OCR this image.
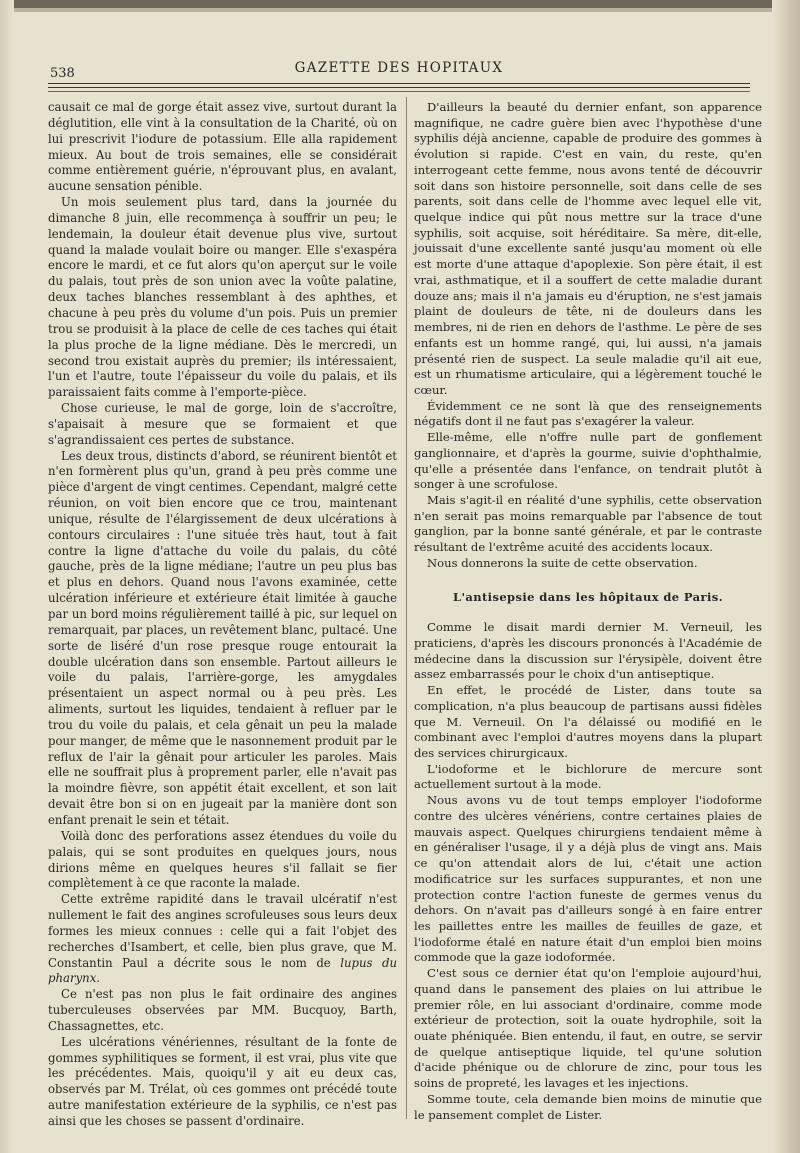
538	GAZETTE DES HOPITAUX

causait ce mal de gorge était assez vive, surtout durant la déglutition, elle vint à la consultation de la Charité, où on lui prescrivit l'iodure de potassium. Elle alla rapidement mieux. Au bout de trois semaines, elle se considérait comme entièrement guérie, n'éprouvant plus, en avalant, aucune sensation pénible.

Un mois seulement plus tard, dans la journée du dimanche 8 juin, elle recommença à souffrir un peu; le lendemain, la douleur était devenue plus vive, surtout quand la malade voulait boire ou manger. Elle s'exaspéra encore le mardi, et ce fut alors qu'on aperçut sur le voile du palais, tout près de son union avec la voûte palatine, deux taches blanches ressemblant à des aphthes, et chacune à peu près du volume d'un pois. Puis un premier trou se produisit à la place de celle de ces taches qui était la plus proche de la ligne médiane. Dès le mercredi, un second trou existait auprès du premier; ils intéressaient, l'un et l'autre, toute l'épaisseur du voile du palais, et ils paraissaient faits comme à l'emporte-pièce.

Chose curieuse, le mal de gorge, loin de s'accroître, s'apaisait à mesure que se formaient et que s'agrandissaient ces pertes de substance.

Les deux trous, distincts d'abord, se réunirent bientôt et n'en formèrent plus qu'un, grand à peu près comme une pièce d'argent de vingt centimes. Cependant, malgré cette réunion, on voit bien encore que ce trou, maintenant unique, résulte de l'élargissement de deux ulcérations à contours circulaires : l'une située très haut, tout à fait contre la ligne d'attache du voile du palais, du côté gauche, près de la ligne médiane; l'autre un peu plus bas et plus en dehors. Quand nous l'avons examinée, cette ulcération inférieure et extérieure était limitée à gauche par un bord moins régulièrement taillé à pic, sur lequel on remarquait, par places, un revêtement blanc, pultacé. Une sorte de liséré d'un rose presque rouge entourait la double ulcération dans son ensemble. Partout ailleurs le voile du palais, l'arrière-gorge, les amygdales présentaient un aspect normal ou à peu près. Les aliments, surtout les liquides, tendaient à refluer par le trou du voile du palais, et cela gênait un peu la malade pour manger, de même que le nasonnement produit par le reflux de l'air la gênait pour articuler les paroles. Mais elle ne souffrait plus à proprement parler, elle n'avait pas la moindre fièvre, son appétit était excellent, et son lait devait être bon si on en jugeait par la manière dont son enfant prenait le sein et tétait.

Voilà donc des perforations assez étendues du voile du palais, qui se sont produites en quelques jours, nous dirions même en quelques heures s'il fallait se fier complètement à ce que raconte la malade.

Cette extrême rapidité dans le travail ulcératif n'est nullement le fait des angines scrofuleuses sous leurs deux formes les mieux connues : celle qui a fait l'objet des recherches d'Isambert, et celle, bien plus grave, que M. Constantin Paul a décrite sous le nom de lupus du pharynx.

Ce n'est pas non plus le fait ordinaire des angines tuberculeuses observées par MM. Bucquoy, Barth, Chassagnettes, etc.

Les ulcérations vénériennes, résultant de la fonte de gommes syphilitiques se forment, il est vrai, plus vite que les précédentes. Mais, quoiqu'il y ait eu deux cas, observés par M. Trélat, où ces gommes ont précédé toute autre manifestation extérieure de la syphilis, ce n'est pas ainsi que les choses se passent d'ordinaire.

D'ailleurs la beauté du dernier enfant, son apparence magnifique, ne cadre guère bien avec l'hypothèse d'une syphilis déjà ancienne, capable de produire des gommes à évolution si rapide. C'est en vain, du reste, qu'en interrogeant cette femme, nous avons tenté de découvrir soit dans son histoire personnelle, soit dans celle de ses parents, soit dans celle de l'homme avec lequel elle vit, quelque indice qui pût nous mettre sur la trace d'une syphilis, soit acquise, soit héréditaire. Sa mère, dit-elle, jouissait d'une excellente santé jusqu'au moment où elle est morte d'une attaque d'apoplexie. Son père était, il est vrai, asthmatique, et il a souffert de cette maladie durant douze ans; mais il n'a jamais eu d'éruption, ne s'est jamais plaint de douleurs de tête, ni de douleurs dans les membres, ni de rien en dehors de l'asthme. Le père de ses enfants est un homme rangé, qui, lui aussi, n'a jamais présenté rien de suspect. La seule maladie qu'il ait eue, est un rhumatisme articulaire, qui a légèrement touché le cœur.

Évidemment ce ne sont là que des renseignements négatifs dont il ne faut pas s'exagérer la valeur.

Elle-même, elle n'offre nulle part de gonflement ganglionnaire, et d'après la gourme, suivie d'ophthalmie, qu'elle a présentée dans l'enfance, on tendrait plutôt à songer à une scrofulose.

Mais s'agit-il en réalité d'une syphilis, cette observation n'en serait pas moins remarquable par l'absence de tout ganglion, par la bonne santé générale, et par le contraste résultant de l'extrême acuité des accidents locaux.

Nous donnerons la suite de cette observation.

L'antisepsie dans les hôpitaux de Paris.

Comme le disait mardi dernier M. Verneuil, les praticiens, d'après les discours prononcés à l'Académie de médecine dans la discussion sur l'érysipèle, doivent être assez embarrassés pour le choix d'un antiseptique.

En effet, le procédé de Lister, dans toute sa complication, n'a plus beaucoup de partisans aussi fidèles que M. Verneuil. On l'a délaissé ou modifié en le combinant avec l'emploi d'autres moyens dans la plupart des services chirurgicaux.

L'iodoforme et le bichlorure de mercure sont actuellement surtout à la mode.

Nous avons vu de tout temps employer l'iodoforme contre des ulcères vénériens, contre certaines plaies de mauvais aspect. Quelques chirurgiens tendaient même à en généraliser l'usage, il y a déjà plus de vingt ans. Mais ce qu'on attendait alors de lui, c'était une action modificatrice sur les surfaces suppurantes, et non une protection contre l'action funeste de germes venus du dehors. On n'avait pas d'ailleurs songé à en faire entrer les paillettes entre les mailles de feuilles de gaze, et l'iodoforme étalé en nature était d'un emploi bien moins commode que la gaze iodoformée.

C'est sous ce dernier état qu'on l'emploie aujourd'hui, quand dans le pansement des plaies on lui attribue le premier rôle, en lui associant d'ordinaire, comme mode extérieur de protection, soit la ouate hydrophile, soit la ouate phéniquée. Bien entendu, il faut, en outre, se servir de quelque antiseptique liquide, tel qu'une solution d'acide phénique ou de chlorure de zinc, pour tous les soins de propreté, les lavages et les injections.

Somme toute, cela demande bien moins de minutie que le pansement complet de Lister.
